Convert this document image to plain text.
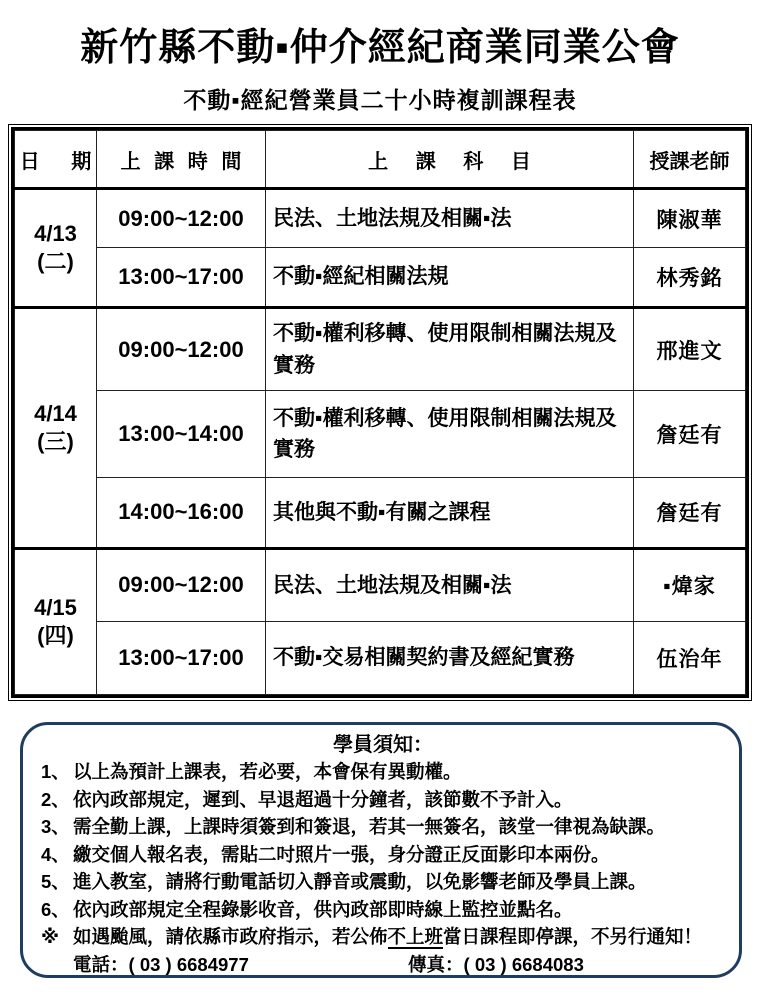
新竹縣不動▪仲介經紀商業同業公會
不動▪經紀營業員二十小時複訓課程表
日 期	上 課 時 間	上 課 科 目	授課老師

4/13
(二)	09:00~12:00	民法、土地法規及相關▪法	陳淑華
	13:00~17:00	不動▪經紀相關法規	林秀銘

4/14
(三)	09:00~12:00	不動▪權利移轉、使用限制相關法規及實務	邢進文
	13:00~14:00	不動▪權利移轉、使用限制相關法規及實務	詹廷有
	14:00~16:00	其他與不動▪有關之課程	詹廷有

4/15
(四)	09:00~12:00	民法、土地法規及相關▪法	▪煒家
	13:00~17:00	不動▪交易相關契約書及經紀實務	伍治年
學員須知：
1、 以上為預計上課表，若必要，本會保有異動權。
2、 依內政部規定，遲到、早退超過十分鐘者，該節數不予計入。
3、 需全勤上課，上課時須簽到和簽退，若其一無簽名，該堂一律視為缺課。
4、 繳交個人報名表，需貼二吋照片一張，身分證正反面影印本兩份。
5、 進入教室，請將行動電話切入靜音或震動，以免影響老師及學員上課。
6、 依內政部規定全程錄影收音，供內政部即時線上監控並點名。
※ 如遇颱風，請依縣市政府指示，若公佈不上班當日課程即停課，不另行通知！
電話：( 03 ) 6684977	傳真：( 03 ) 6684083
